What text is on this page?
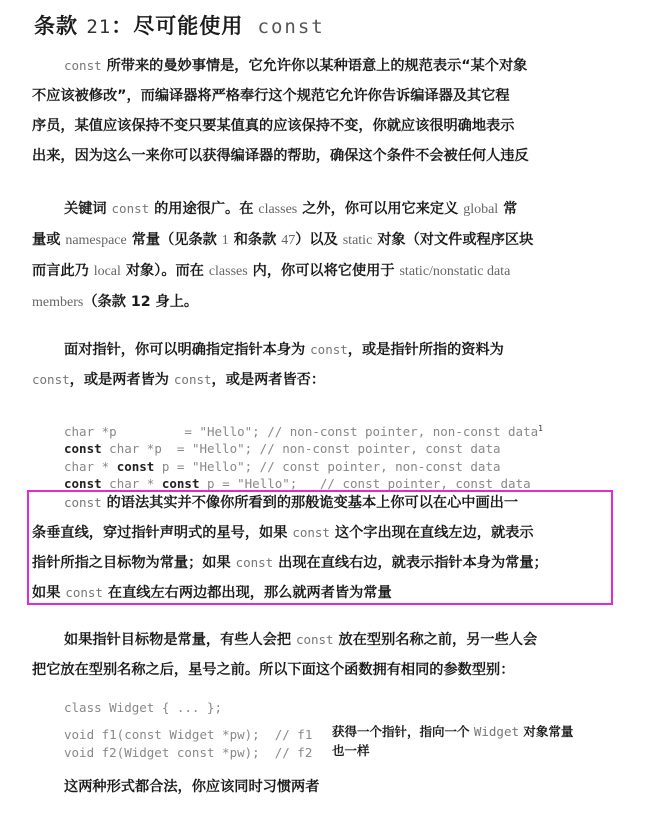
条款 21：尽可能使用 const

const 所带来的曼妙事情是，它允许你以某种语意上的规范表示“某个对象

不应该被修改”，而编译器将严格奉行这个规范它允许你告诉编译器及其它程

序员，某值应该保持不变只要某值真的应该保持不变，你就应该很明确地表示

出来，因为这么一来你可以获得编译器的帮助，确保这个条件不会被任何人违反

关键词 const 的用途很广。在 classes 之外，你可以用它来定义 global 常

量或 namespace 常量（见条款 1 和条款 47）以及 static 对象（对文件或程序区块

而言此乃 local 对象）。而在 classes 内，你可以将它使用于 static/nonstatic data

members（条款 12 身上。

面对指针，你可以明确指定指针本身为 const，或是指针所指的资料为

const，或是两者皆为 const，或是两者皆否：

char *p         = "Hello"; // non-const pointer, non-const data$^1$
const char *p  = "Hello"; // non-const pointer, const data
char * const p = "Hello"; // const pointer, non-const data
const char * const p = "Hello";   // const pointer, const data

const 的语法其实并不像你所看到的那般诡变基本上你可以在心中画出一

条垂直线，穿过指针声明式的星号，如果 const 这个字出现在直线左边，就表示

指针所指之目标物为常量；如果 const 出现在直线右边，就表示指针本身为常量；

如果 const 在直线左右两边都出现，那么就两者皆为常量

如果指针目标物是常量，有些人会把 const 放在型别名称之前，另一些人会

把它放在型别名称之后，星号之前。所以下面这个函数拥有相同的参数型别：

class Widget { ... };
void f1(const Widget *pw);  // f1
void f2(Widget const *pw);  // f2
获得一个指针，指向一个 Widget 对象常量
也一样

这两种形式都合法，你应该同时习惯两者
